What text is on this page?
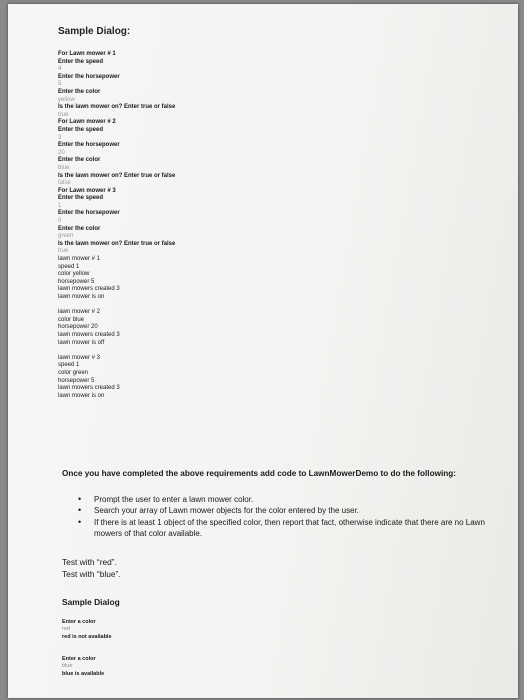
Sample Dialog:
For Lawn mower # 1
Enter the speed
4
Enter the horsepower
5
Enter the color
yellow
Is the lawn mower on? Enter true or false
true
For Lawn mower # 2
Enter the speed
3
Enter the horsepower
20
Enter the color
blue
Is the lawn mower on? Enter true or false
false
For Lawn mower # 3
Enter the speed
1
Enter the horsepower
0
Enter the color
green
Is the lawn mower on? Enter true or false
true
lawn mower # 1
speed 1
color yellow
horsepower 5
lawn mowers created 3
lawn mower is on
lawn mower # 2
color blue
horsepower 20
lawn mowers created 3
lawn mower is off
lawn mower # 3
speed 1
color green
horsepower 5
lawn mowers created 3
lawn mower is on
Once you have completed the above requirements add code to LawnMowerDemo to do the following:
• Prompt the user to enter a lawn mower color.
• Search your array of Lawn mower objects for the color entered by the user.
• If there is at least 1 object of the specified color, then report that fact, otherwise indicate that there are no Lawn mowers of that color available.
Test with “red”.
Test with “blue”.
Sample Dialog
Enter a color
red
red is not available
Enter a color
blue
blue is available
